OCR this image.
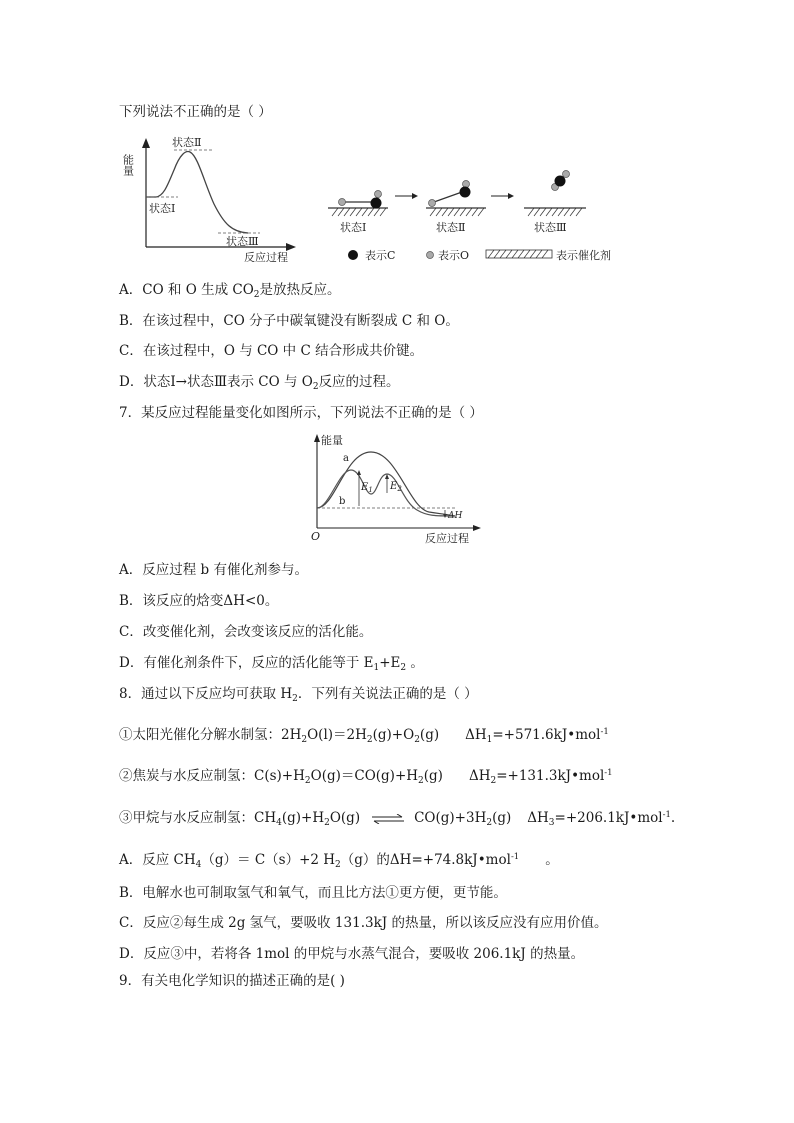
下列说法不正确的是（ ）
能量
状态Ⅱ
状态Ⅰ
状态Ⅲ
反应过程
状态Ⅰ	状态Ⅱ	状态Ⅲ
表示C	表示O	表示催化剂
A．CO 和 O 生成 $CO_2$是放热反应。
B．在该过程中，CO 分子中碳氧键没有断裂成 C 和 O。
C．在该过程中，O 与 CO 中 C 结合形成共价键。
D．状态Ⅰ→状态Ⅲ表示 CO 与 $O_2$反应的过程。
7．某反应过程能量变化如图所示，下列说法不正确的是（ ）
能量
O	反应过程
a
b
$E_1$ $E_2$
ΔH
A．反应过程 b 有催化剂参与。
B．该反应的焓变ΔH<0。
C．改变催化剂，会改变该反应的活化能。
D．有催化剂条件下，反应的活化能等于 $E_1+E_2$ 。
8．通过以下反应均可获取 $H_2$．下列有关说法正确的是（ ）
①太阳光催化分解水制氢：$2H_2O(l)=2H_2(g)+O_2(g)$ $\Delta H_1=+571.6kJ•mol^{-1}$
②焦炭与水反应制氢：$C(s)+H_2O(g)=CO(g)+H_2(g)$ $\Delta H_2=+131.3kJ•mol^{-1}$
③甲烷与水反应制氢：$CH_4(g)+H_2O(g)$ ⇌ $CO(g)+3H_2(g)$ $\Delta H_3=+206.1kJ•mol^{-1}$.
A．反应 $CH_4(g)= C(s)+2$ $H_2(g)$的ΔH=+74.8kJ•mol$^{-1}$ 。
B．电解水也可制取氢气和氧气，而且比方法①更方便，更节能。
C．反应②每生成 2g 氢气，要吸收 131.3kJ 的热量，所以该反应没有应用价值。
D．反应③中，若将各 1mol 的甲烷与水蒸气混合，要吸收 206.1kJ 的热量。
9．有关电化学知识的描述正确的是( )
